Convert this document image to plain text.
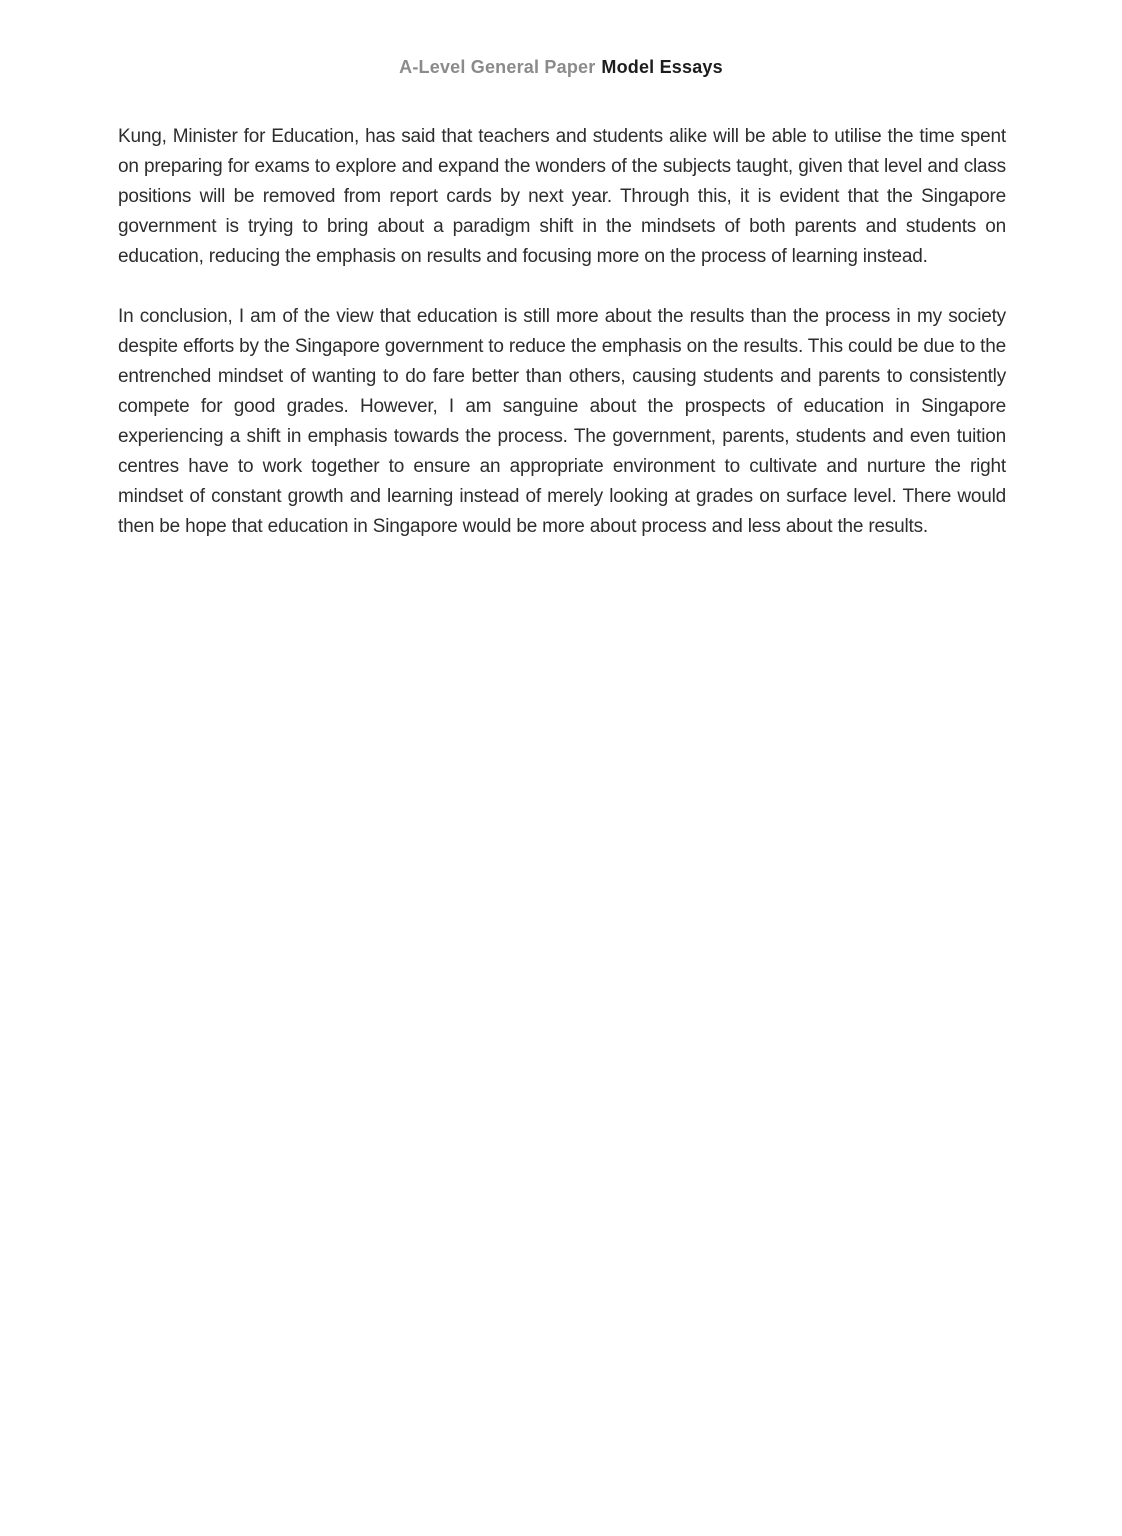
A-Level General Paper Model Essays

Kung, Minister for Education, has said that teachers and students alike will be able to utilise the time spent on preparing for exams to explore and expand the wonders of the subjects taught, given that level and class positions will be removed from report cards by next year. Through this, it is evident that the Singapore government is trying to bring about a paradigm shift in the mindsets of both parents and students on education, reducing the emphasis on results and focusing more on the process of learning instead.

In conclusion, I am of the view that education is still more about the results than the process in my society despite efforts by the Singapore government to reduce the emphasis on the results. This could be due to the entrenched mindset of wanting to do fare better than others, causing students and parents to consistently compete for good grades. However, I am sanguine about the prospects of education in Singapore experiencing a shift in emphasis towards the process. The government, parents, students and even tuition centres have to work together to ensure an appropriate environment to cultivate and nurture the right mindset of constant growth and learning instead of merely looking at grades on surface level. There would then be hope that education in Singapore would be more about process and less about the results.
